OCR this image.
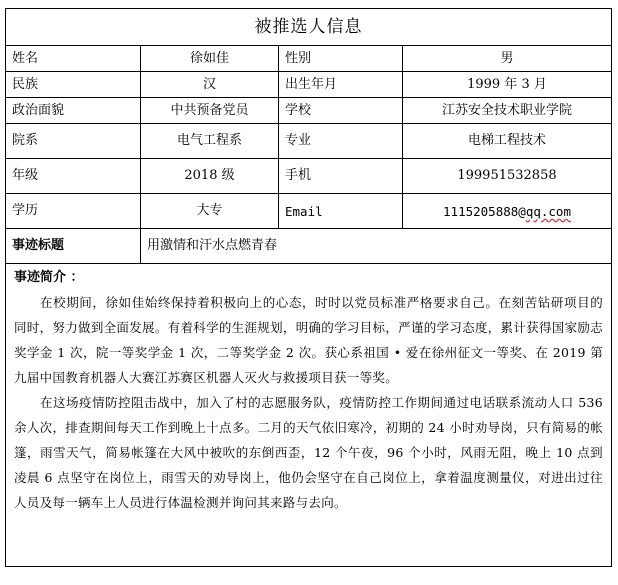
被推选人信息			
姓名	徐如佳	性别	男
民族	汉	出生年月	1999 年 3 月
政治面貌	中共预备党员	学校	江苏安全技术职业学院
院系	电气工程系	专业	电梯工程技术
年级	2018 级	手机	199951532858
学历	大专	Email	1115205888@qq.com
事迹标题	用激情和汗水点燃青春		

事迹简介 ：

在校期间，徐如佳始终保持着积极向上的心态，时时以党员标准严格要求自己。在刻苦钻研项目的同时，努力做到全面发展。有着科学的生涯规划，明确的学习目标，严谨的学习态度，累计获得国家励志奖学金 1 次，院一等奖学金 1 次，二等奖学金 2 次。获心系祖国 • 爱在徐州征文一等奖、在 2019 第九届中国教育机器人大赛江苏赛区机器人灭火与救援项目获一等奖。

在这场疫情防控阻击战中，加入了村的志愿服务队，疫情防控工作期间通过电话联系流动人口 536 余人次，排查期间每天工作到晚上十点多。二月的天气依旧寒冷，初期的 24 小时劝导岗，只有简易的帐篷，雨雪天气，简易帐篷在大风中被吹的东倒西歪，12 个午夜，96 个小时，风雨无阻，晚上 10 点到凌晨 6 点坚守在岗位上，雨雪天的劝导岗上，他仍会坚守在自己岗位上，拿着温度测量仪，对进出过往人员及每一辆车上人员进行体温检测并询问其来路与去向。			
